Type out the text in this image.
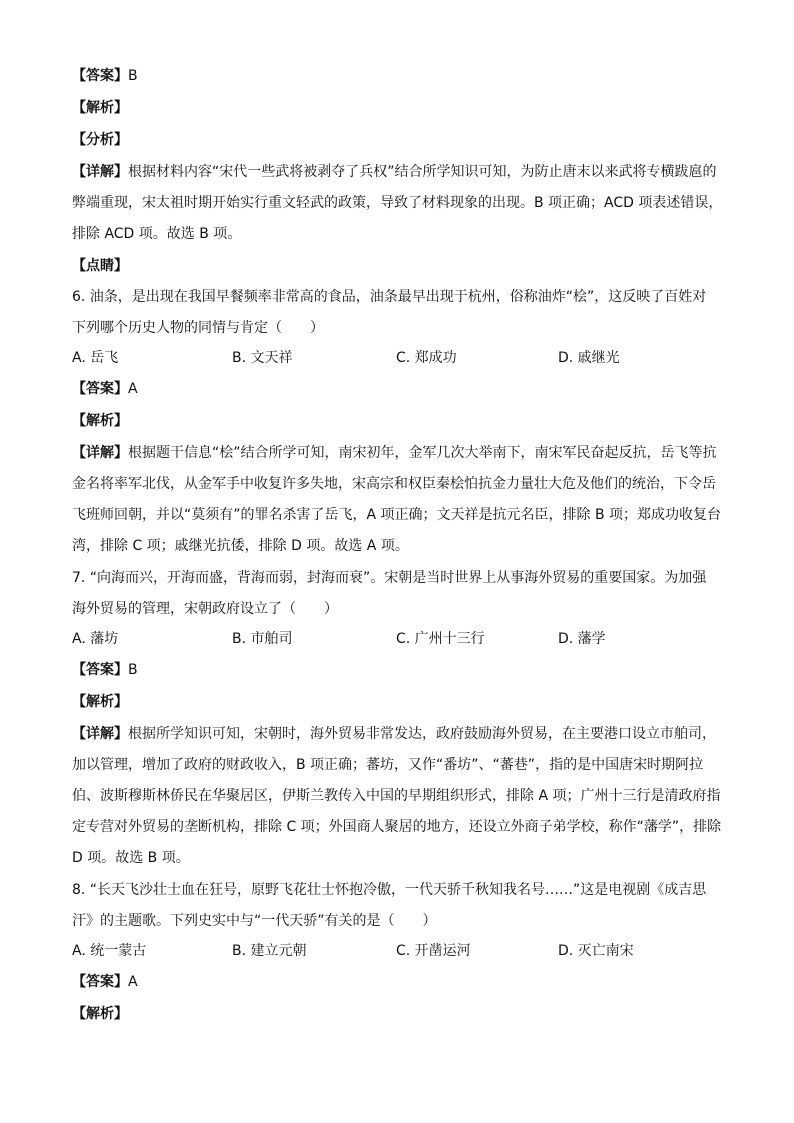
【答案】B
【解析】
【分析】
【详解】根据材料内容“宋代一些武将被剥夺了兵权”结合所学知识可知，为防止唐末以来武将专横跋扈的
弊端重现，宋太祖时期开始实行重文轻武的政策，导致了材料现象的出现。B 项正确；ACD 项表述错误，
排除 ACD 项。故选 B 项。
【点睛】
6. 油条，是出现在我国早餐频率非常高的食品，油条最早出现于杭州，俗称油炸“桧”，这反映了百姓对
下列哪个历史人物的同情与肯定（　　）
A. 岳飞	B. 文天祥	C. 郑成功	D. 戚继光
【答案】A
【解析】
【详解】根据题干信息“桧”结合所学可知，南宋初年，金军几次大举南下，南宋军民奋起反抗，岳飞等抗
金名将率军北伐，从金军手中收复许多失地，宋高宗和权臣秦桧怕抗金力量壮大危及他们的统治，下令岳
飞班师回朝，并以“莫须有”的罪名杀害了岳飞，A 项正确；文天祥是抗元名臣，排除 B 项；郑成功收复台
湾，排除 C 项；戚继光抗倭，排除 D 项。故选 A 项。
7. “向海而兴，开海而盛，背海而弱，封海而衰”。宋朝是当时世界上从事海外贸易的重要国家。为加强
海外贸易的管理，宋朝政府设立了（　　）
A. 藩坊	B. 市舶司	C. 广州十三行	D. 藩学
【答案】B
【解析】
【详解】根据所学知识可知，宋朝时，海外贸易非常发达，政府鼓励海外贸易，在主要港口设立市舶司，
加以管理，增加了政府的财政收入，B 项正确；蕃坊，又作“番坊”、“蕃巷”，指的是中国唐宋时期阿拉
伯、波斯穆斯林侨民在华聚居区，伊斯兰教传入中国的早期组织形式，排除 A 项；广州十三行是清政府指
定专营对外贸易的垄断机构，排除 C 项；外国商人聚居的地方，还设立外商子弟学校，称作“藩学”，排除
D 项。故选 B 项。
8. “长天飞沙壮士血在狂号，原野飞花壮士怀抱冷傲，一代天骄千秋知我名号……”这是电视剧《成吉思
汗》的主题歌。下列史实中与“一代天骄”有关的是（　　）
A. 统一蒙古	B. 建立元朝	C. 开凿运河	D. 灭亡南宋
【答案】A
【解析】
